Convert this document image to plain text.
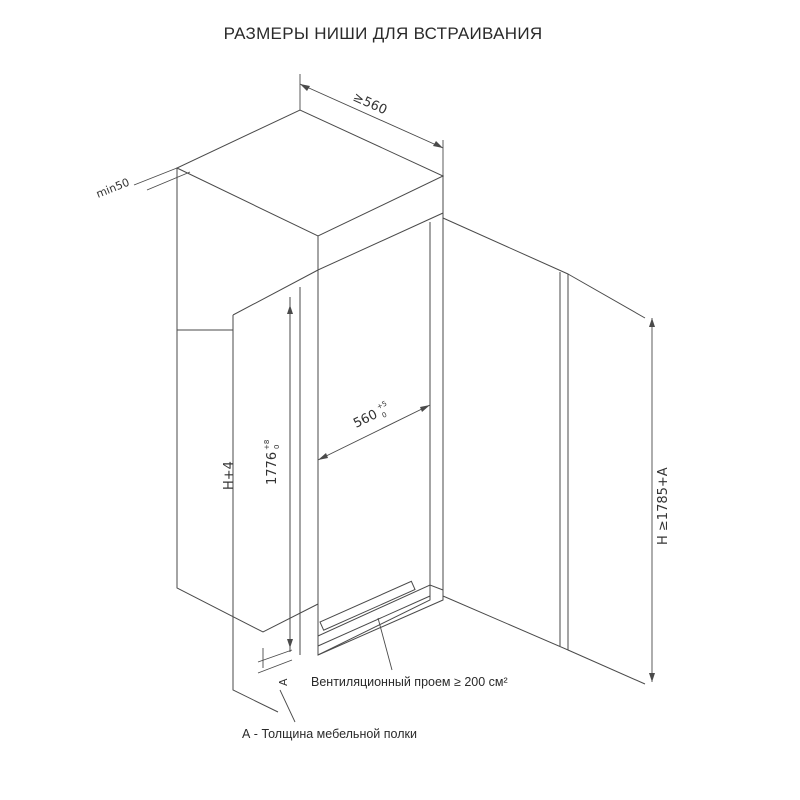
РАЗМЕРЫ НИШИ ДЛЯ ВСТРАИВАНИЯ
≥560
min50
560
+5
0
1776
+8 0
H+4	H ≥1785+A
A Вентиляционный проем ≥ 200 см²
А - Толщина мебельной полки
